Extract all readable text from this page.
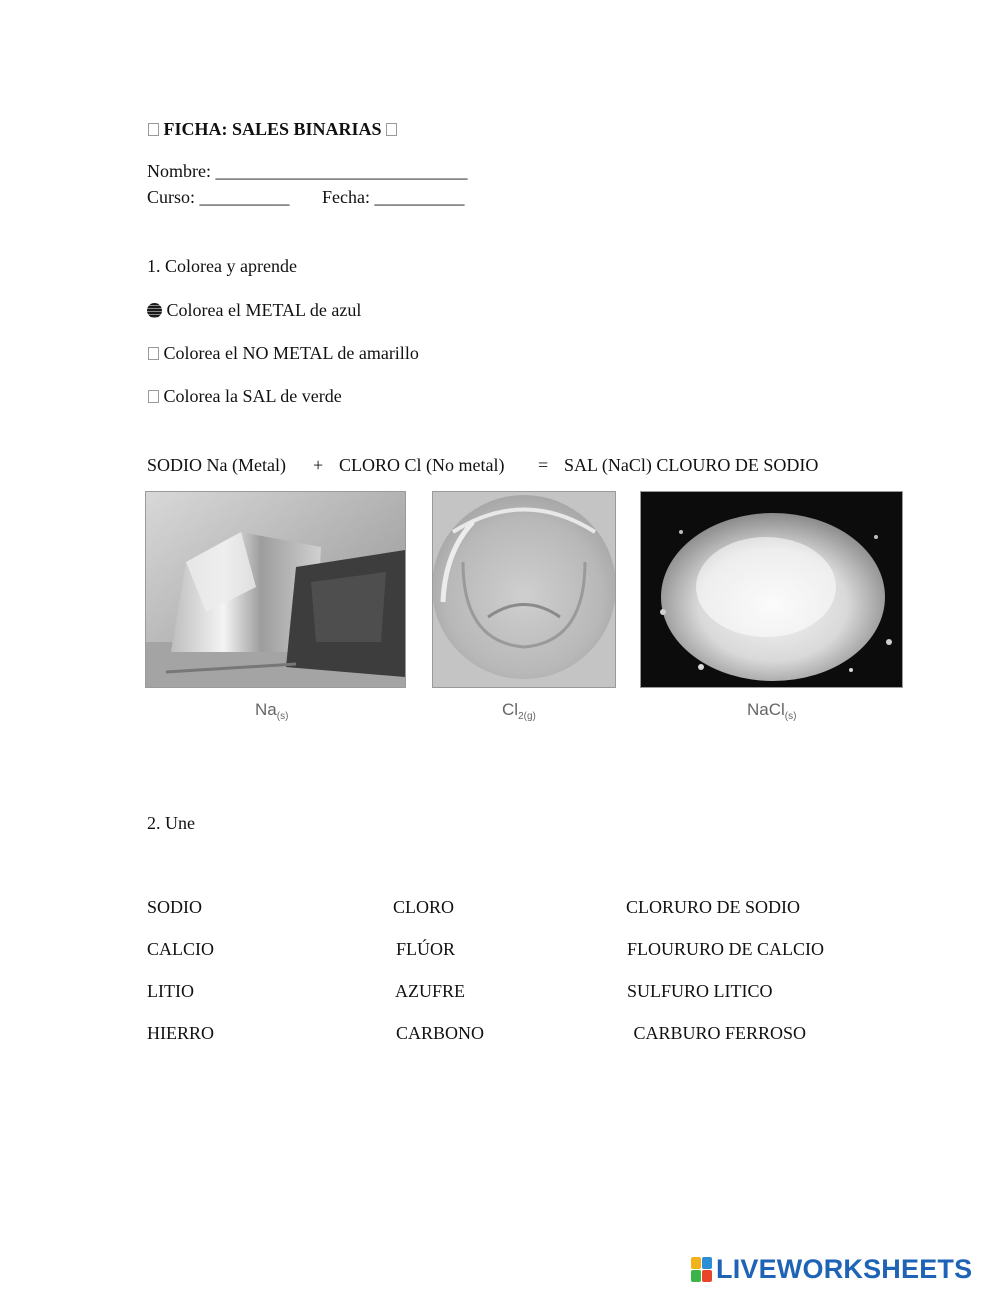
FICHA: SALES BINARIAS
Nombre: ____________________________
Curso: __________ Fecha: __________
1. Colorea y aprende
Colorea el METAL de azul
Colorea el NO METAL de amarillo
Colorea la SAL de verde
SODIO Na (Metal) + CLORO Cl (No metal) = SAL (NaCl) CLOURO DE SODIO
$Na_{(s)}$	$Cl_{2(g)}$	NaCl$_{(s)}$
2. Une
SODIO	CLORO	CLORURO DE SODIO
CALCIO	FLÚOR	FLOURURO DE CALCIO
LITIO	AZUFRE	SULFURO LITICO
HIERRO	CARBONO	CARBURO FERROSO
LIVEWORKSHEETS
